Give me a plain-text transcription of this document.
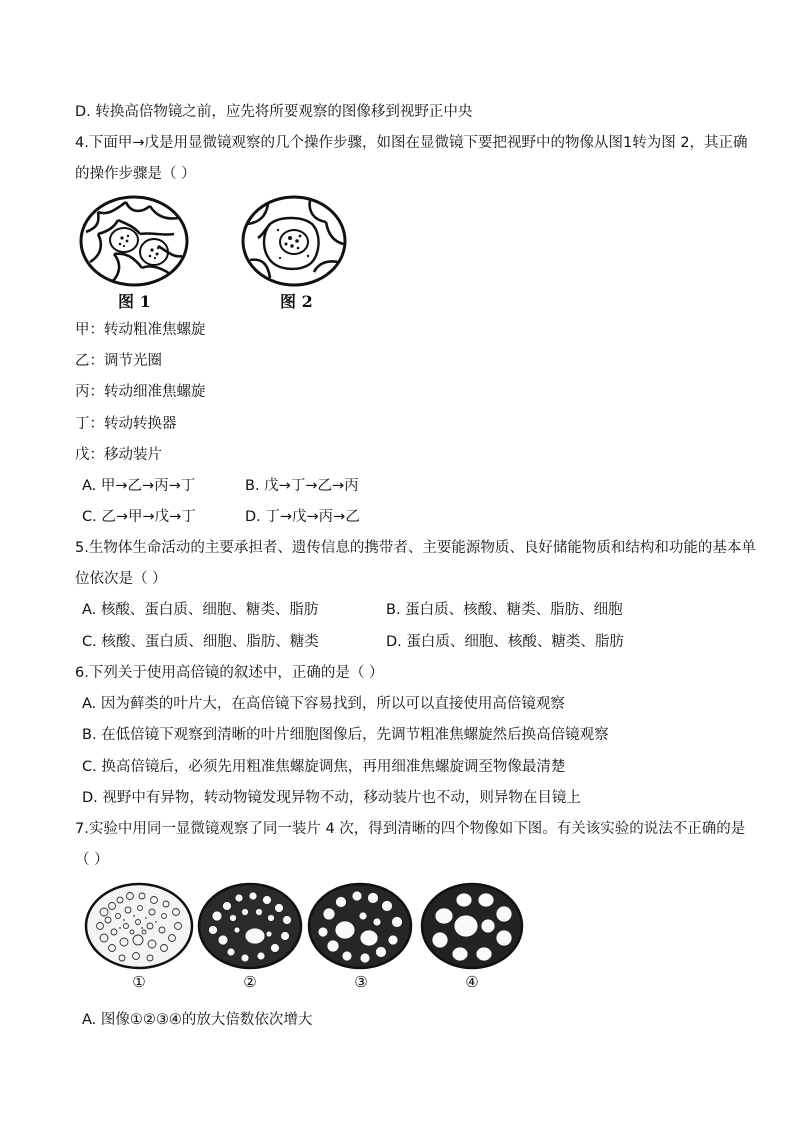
D. 转换高倍物镜之前，应先将所要观察的图像移到视野正中央
4.下面甲→戊是用显微镜观察的几个操作步骤，如图在显微镜下要把视野中的物像从图1转为图 2，其正确
的操作步骤是（ ）
图 1	图 2
甲：转动粗准焦螺旋
乙：调节光圈
丙：转动细准焦螺旋
丁：转动转换器
戊：移动装片
A. 甲→乙→丙→丁	B. 戊→丁→乙→丙
C. 乙→甲→戊→丁	D. 丁→戊→丙→乙
5.生物体生命活动的主要承担者、遗传信息的携带者、主要能源物质、良好储能物质和结构和功能的基本单
位依次是（ ）
A. 核酸、蛋白质、细胞、糖类、脂肪	B. 蛋白质、核酸、糖类、脂肪、细胞
C. 核酸、蛋白质、细胞、脂肪、糖类	D. 蛋白质、细胞、核酸、糖类、脂肪
6.下列关于使用高倍镜的叙述中，正确的是（ ）
A. 因为藓类的叶片大，在高倍镜下容易找到，所以可以直接使用高倍镜观察
B. 在低倍镜下观察到清晰的叶片细胞图像后，先调节粗准焦螺旋然后换高倍镜观察
C. 换高倍镜后，必须先用粗准焦螺旋调焦，再用细准焦螺旋调至物像最清楚
D. 视野中有异物，转动物镜发现异物不动，移动装片也不动，则异物在目镜上
7.实验中用同一显微镜观察了同一装片 4 次，得到清晰的四个物像如下图。有关该实验的说法不正确的是
（ ）
①	②	③	④
A. 图像①②③④的放大倍数依次增大
